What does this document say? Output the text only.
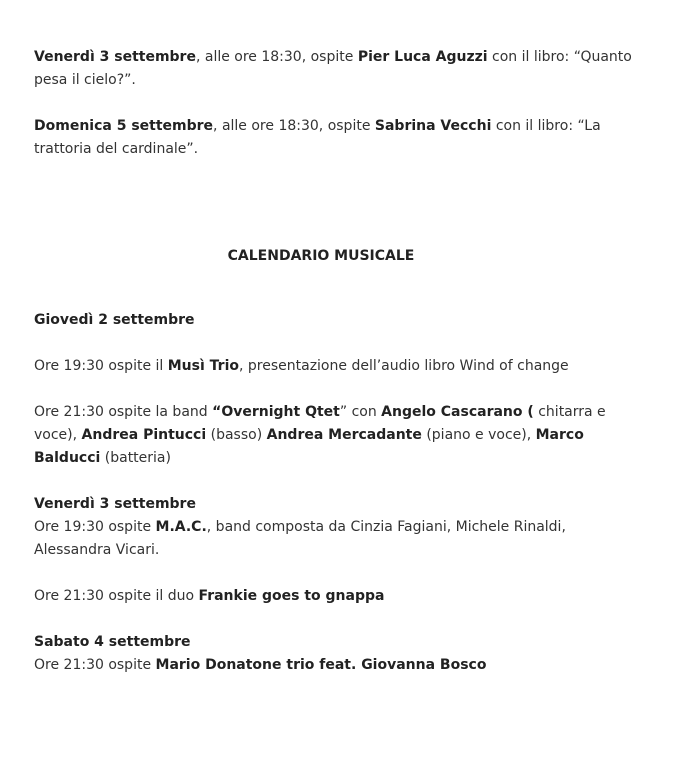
Venerdì 3 settembre, alle ore 18:30, ospite Pier Luca Aguzzi con il libro: “Quanto pesa il cielo?”.

Domenica 5 settembre, alle ore 18:30, ospite Sabrina Vecchi con il libro: “La trattoria del cardinale”.

CALENDARIO MUSICALE

Giovedì 2 settembre

Ore 19:30 ospite il Musì Trio, presentazione dell’audio libro Wind of change

Ore 21:30 ospite la band “Overnight Qtet” con Angelo Cascarano ( chitarra e voce), Andrea Pintucci (basso) Andrea Mercadante (piano e voce), Marco Balducci (batteria)

Venerdì 3 settembre

Ore 19:30 ospite M.A.C., band composta da Cinzia Fagiani, Michele Rinaldi, Alessandra Vicari.

Ore 21:30 ospite il duo Frankie goes to gnappa

Sabato 4 settembre

Ore 21:30 ospite Mario Donatone trio feat. Giovanna Bosco
